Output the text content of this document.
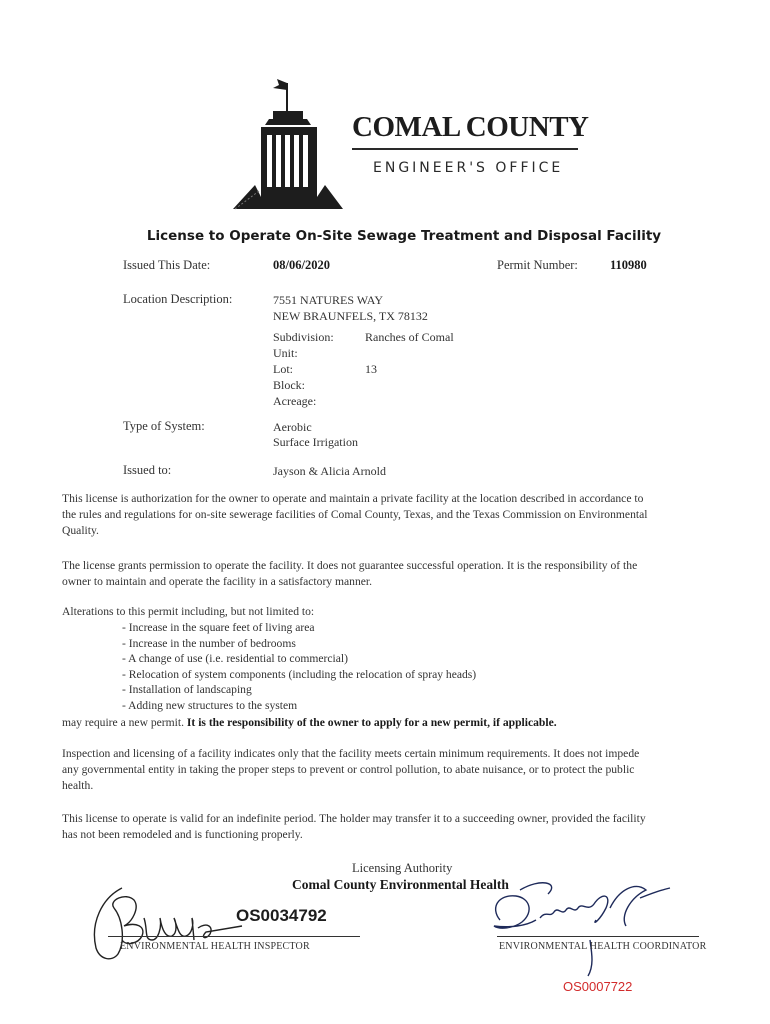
COMAL COUNTY
ENGINEER'S OFFICE
License to Operate On-Site Sewage Treatment and Disposal Facility
Issued This Date:	08/06/2020	Permit Number:	110980
Location Description:	7551 NATURES WAY
NEW BRAUNFELS, TX 78132
Subdivision:	Ranches of Comal
Unit:
Lot:	13
Block:
Acreage:
Type of System:	Aerobic
Surface Irrigation
Issued to:	Jayson & Alicia Arnold
This license is authorization for the owner to operate and maintain a private facility at the location described in accordance to the rules and regulations for on-site sewerage facilities of Comal County, Texas, and the Texas Commission on Environmental Quality.
The license grants permission to operate the facility. It does not guarantee successful operation. It is the responsibility of the owner to maintain and operate the facility in a satisfactory manner.
Alterations to this permit including, but not limited to:
- Increase in the square feet of living area
- Increase in the number of bedrooms
- A change of use (i.e. residential to commercial)
- Relocation of system components (including the relocation of spray heads)
- Installation of landscaping
- Adding new structures to the system
may require a new permit. It is the responsibility of the owner to apply for a new permit, if applicable.
Inspection and licensing of a facility indicates only that the facility meets certain minimum requirements. It does not impede any governmental entity in taking the proper steps to prevent or control pollution, to abate nuisance, or to protect the public health.
This license to operate is valid for an indefinite period. The holder may transfer it to a succeeding owner, provided the facility has not been remodeled and is functioning properly.
Licensing Authority
Comal County Environmental Health
OS0034792
ENVIRONMENTAL HEALTH INSPECTOR	ENVIRONMENTAL HEALTH COORDINATOR
OS0007722
